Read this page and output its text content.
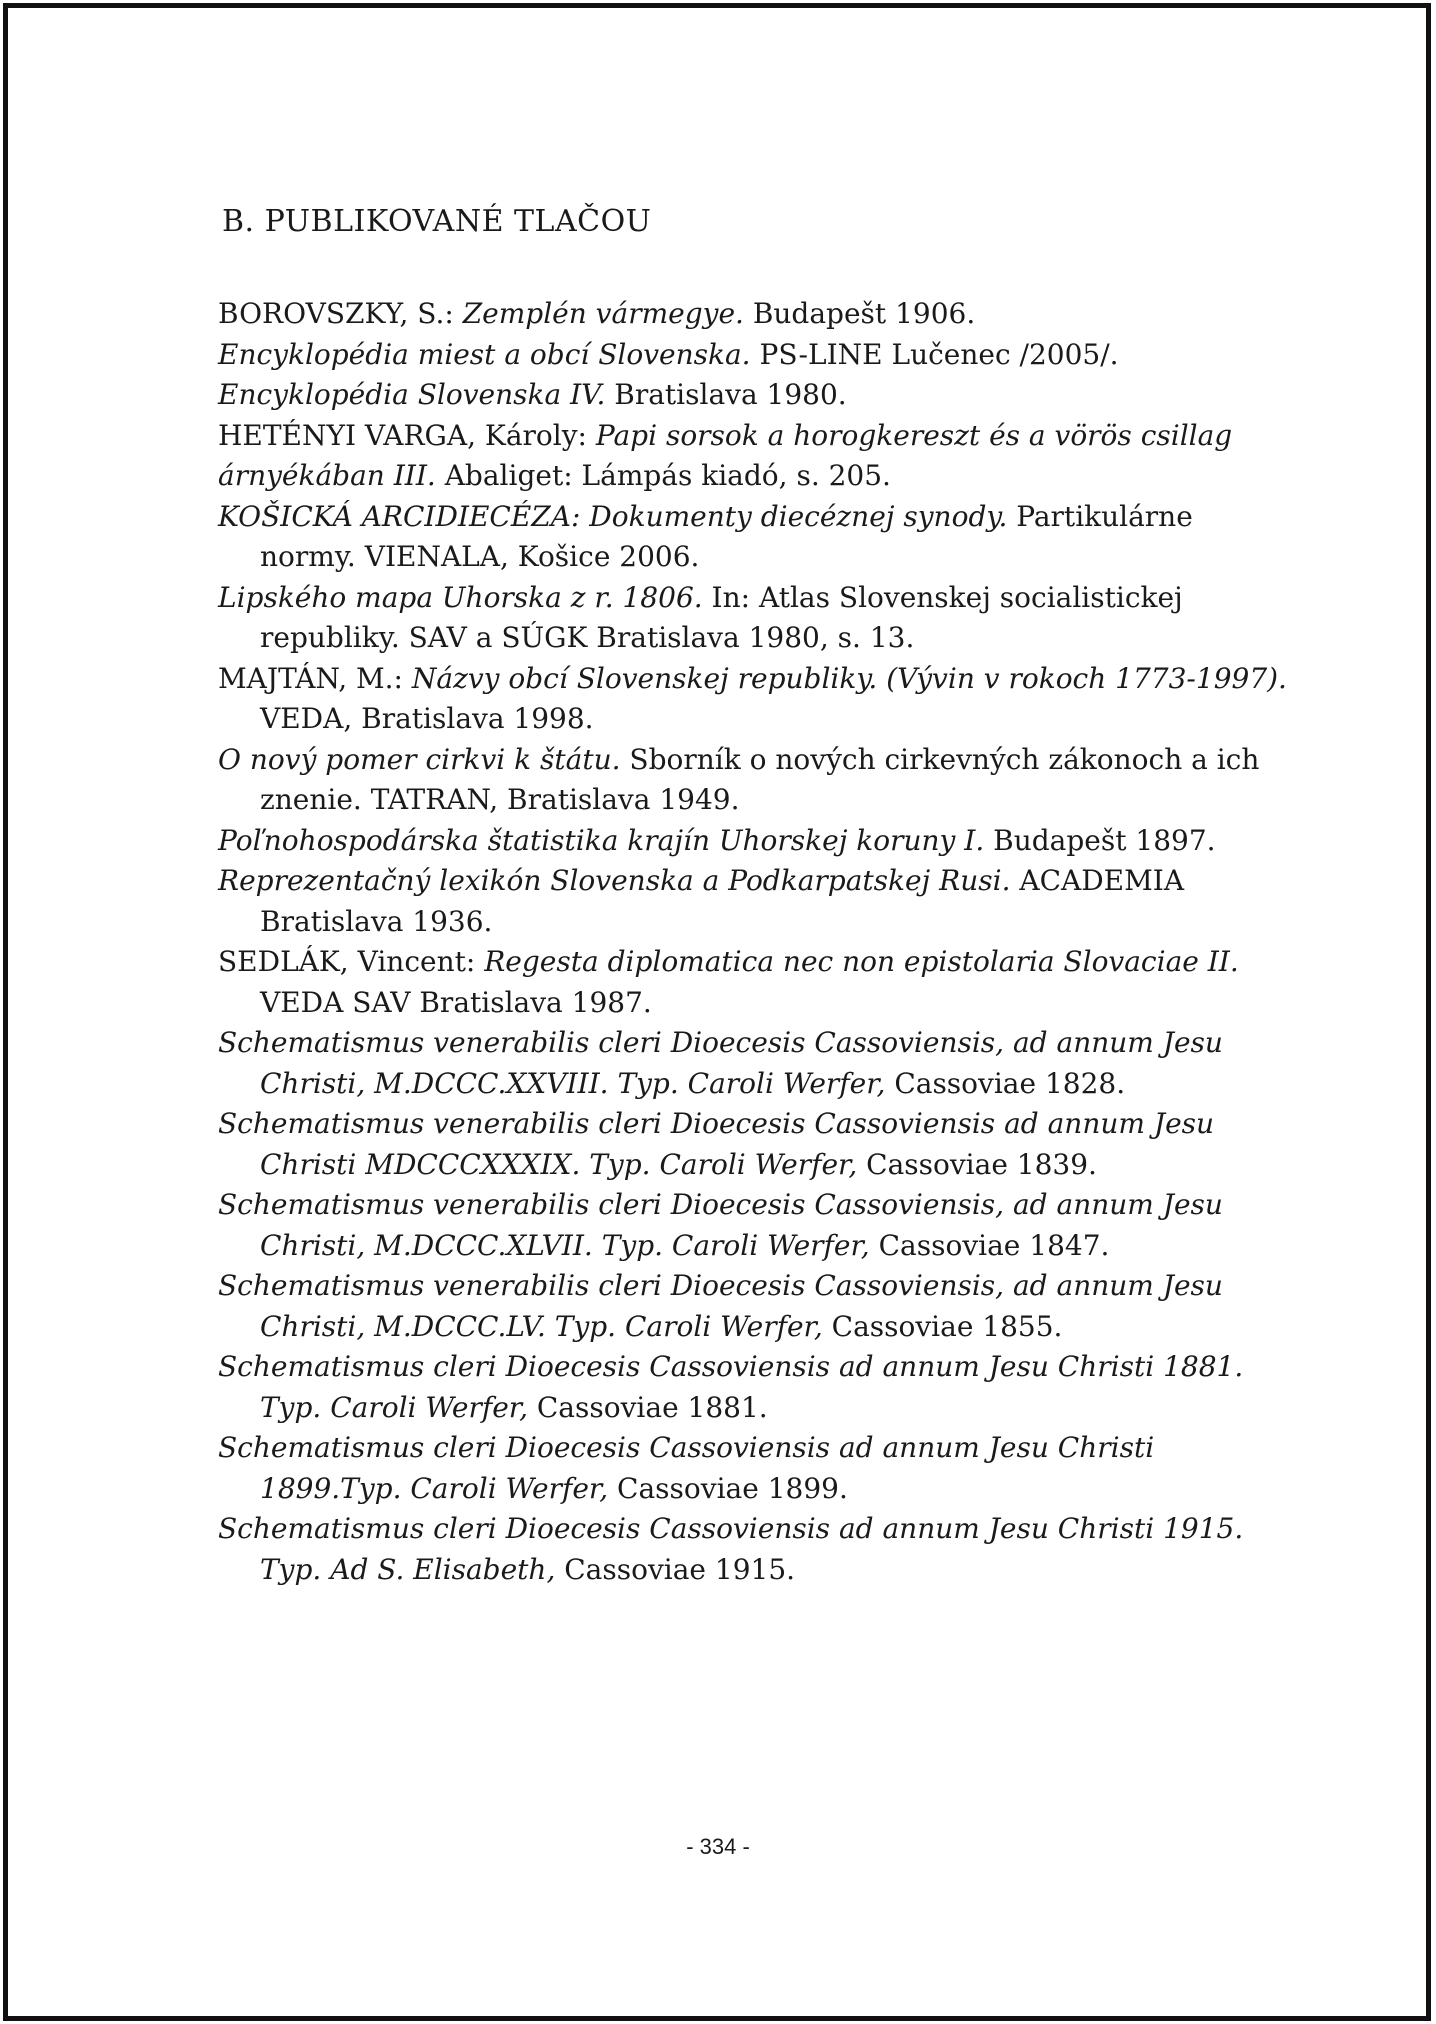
B. PUBLIKOVANÉ TLAČOU

BOROVSZKY, S.: Zemplén vármegye. Budapešt 1906.

Encyklopédia miest a obcí Slovenska. PS-LINE Lučenec /2005/.

Encyklopédia Slovenska IV. Bratislava 1980.

HETÉNYI VARGA, Károly: Papi sorsok a horogkereszt és a vörös csillag árnyékában III. Abaliget: Lámpás kiadó, s. 205.

KOŠICKÁ ARCIDIECÉZA: Dokumenty diecéznej synody. Partikulárne normy. VIENALA, Košice 2006.

Lipského mapa Uhorska z r. 1806. In: Atlas Slovenskej socialistickej republiky. SAV a SÚGK Bratislava 1980, s. 13.

MAJTÁN, M.: Názvy obcí Slovenskej republiky. (Vývin v rokoch 1773-1997). VEDA, Bratislava 1998.

O nový pomer cirkvi k štátu. Sborník o nových cirkevných zákonoch a ich znenie. TATRAN, Bratislava 1949.

Poľnohospodárska štatistika krajín Uhorskej koruny I. Budapešt 1897.

Reprezentačný lexikón Slovenska a Podkarpatskej Rusi. ACADEMIA Bratislava 1936.

SEDLÁK, Vincent: Regesta diplomatica nec non epistolaria Slovaciae II. VEDA SAV Bratislava 1987.

Schematismus venerabilis cleri Dioecesis Cassoviensis, ad annum Jesu Christi, M.DCCC.XXVIII. Typ. Caroli Werfer, Cassoviae 1828.

Schematismus venerabilis cleri Dioecesis Cassoviensis ad annum Jesu Christi MDCCCXXXIX. Typ. Caroli Werfer, Cassoviae 1839.

Schematismus venerabilis cleri Dioecesis Cassoviensis, ad annum Jesu Christi, M.DCCC.XLVII. Typ. Caroli Werfer, Cassoviae 1847.

Schematismus venerabilis cleri Dioecesis Cassoviensis, ad annum Jesu Christi, M.DCCC.LV. Typ. Caroli Werfer, Cassoviae 1855.

Schematismus cleri Dioecesis Cassoviensis ad annum Jesu Christi 1881. Typ. Caroli Werfer, Cassoviae 1881.

Schematismus cleri Dioecesis Cassoviensis ad annum Jesu Christi 1899.Typ. Caroli Werfer, Cassoviae 1899.

Schematismus cleri Dioecesis Cassoviensis ad annum Jesu Christi 1915. Typ. Ad S. Elisabeth, Cassoviae 1915.

- 334 -
